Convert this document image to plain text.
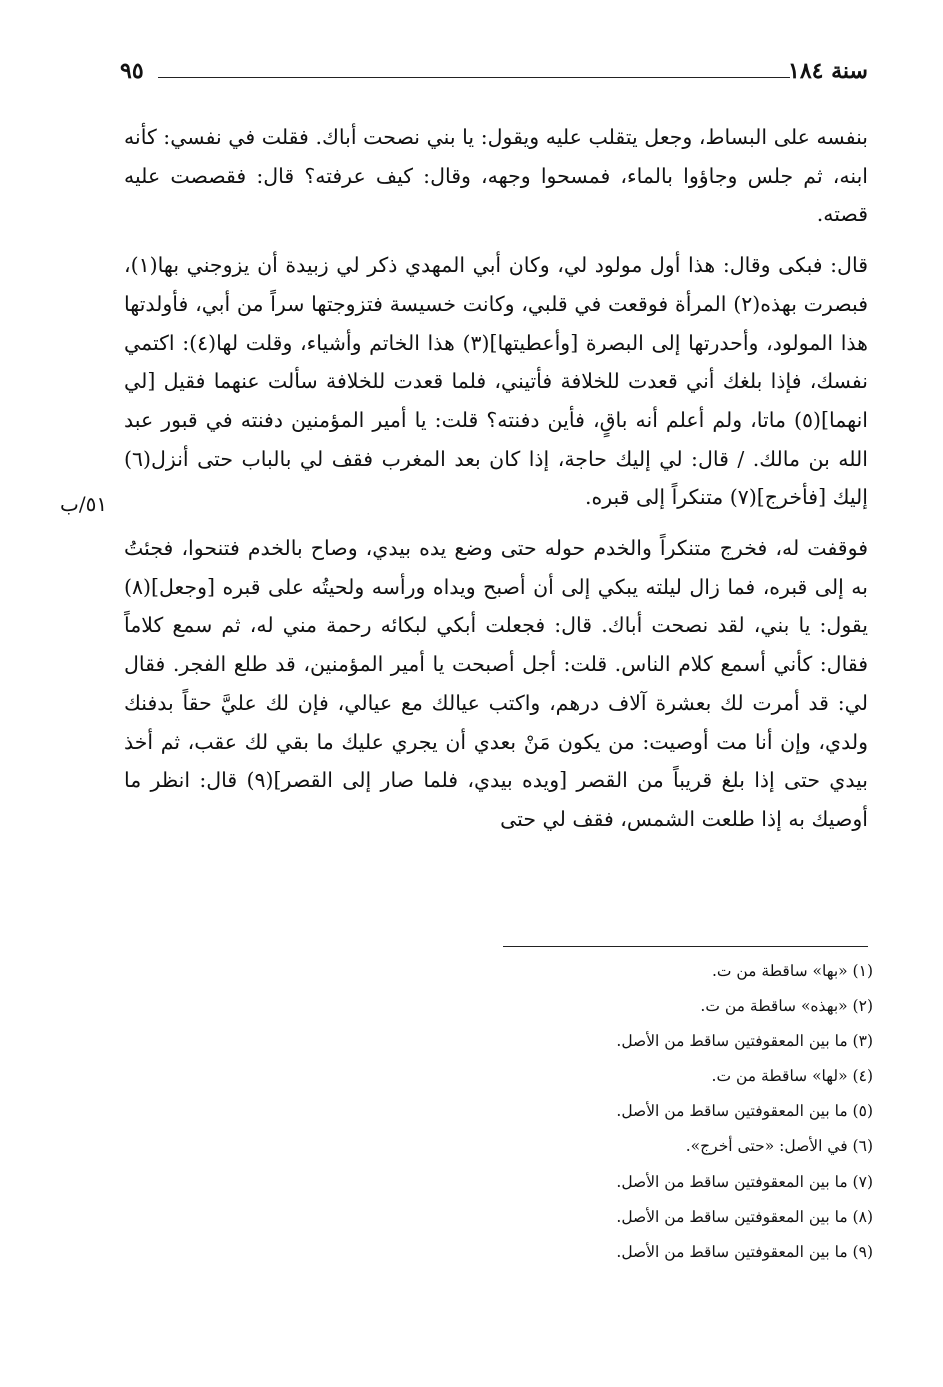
سنة ١٨٤
٩٥

بنفسه على البساط، وجعل يتقلب عليه ويقول: يا بني نصحت أباك. فقلت في نفسي: كأنه ابنه، ثم جلس وجاؤوا بالماء، فمسحوا وجهه، وقال: كيف عرفته؟ قال: فقصصت عليه قصته.

قال: فبكى وقال: هذا أول مولود لي، وكان أبي المهدي ذكر لي زبيدة أن يزوجني بها(١)، فبصرت بهذه(٢) المرأة فوقعت في قلبي، وكانت خسيسة فتزوجتها سراً من أبي، فأولدتها هذا المولود، وأحدرتها إلى البصرة [وأعطيتها](٣) هذا الخاتم وأشياء، وقلت لها(٤): اكتمي نفسك، فإذا بلغك أني قعدت للخلافة فأتيني، فلما قعدت للخلافة سألت عنهما فقيل [لي انهما](٥) ماتا، ولم أعلم أنه باقٍ، فأين دفنته؟ قلت: يا أمير المؤمنين دفنته في قبور عبد الله بن مالك. / قال: لي إليك حاجة، إذا كان بعد المغرب فقف لي بالباب حتى أنزل(٦) إليك [فأخرج](٧) متنكراً إلى قبره.

فوقفت له، فخرج متنكراً والخدم حوله حتى وضع يده بيدي، وصاح بالخدم فتنحوا، فجئتُ به إلى قبره، فما زال ليلته يبكي إلى أن أصبح ويداه ورأسه ولحيتُه على قبره [وجعل](٨) يقول: يا بني، لقد نصحت أباك. قال: فجعلت أبكي لبكائه رحمة مني له، ثم سمع كلاماً فقال: كأني أسمع كلام الناس. قلت: أجل أصبحت يا أمير المؤمنين، قد طلع الفجر. فقال لي: قد أمرت لك بعشرة آلاف درهم، واكتب عيالك مع عيالي، فإن لك عليَّ حقاً بدفنك ولدي، وإن أنا مت أوصيت: من يكون مَنْ بعدي أن يجري عليك ما بقي لك عقب، ثم أخذ بيدي حتى إذا بلغ قريباً من القصر [ويده بيدي، فلما صار إلى القصر](٩) قال: انظر ما أوصيك به إذا طلعت الشمس، فقف لي حتى

٥١/ب
(١) «بها» ساقطة من ت.
(٢) «بهذه» ساقطة من ت.
(٣) ما بين المعقوفتين ساقط من الأصل.
(٤) «لها» ساقطة من ت.
(٥) ما بين المعقوفتين ساقط من الأصل.
(٦) في الأصل: «حتى أخرج».
(٧) ما بين المعقوفتين ساقط من الأصل.
(٨) ما بين المعقوفتين ساقط من الأصل.
(٩) ما بين المعقوفتين ساقط من الأصل.
